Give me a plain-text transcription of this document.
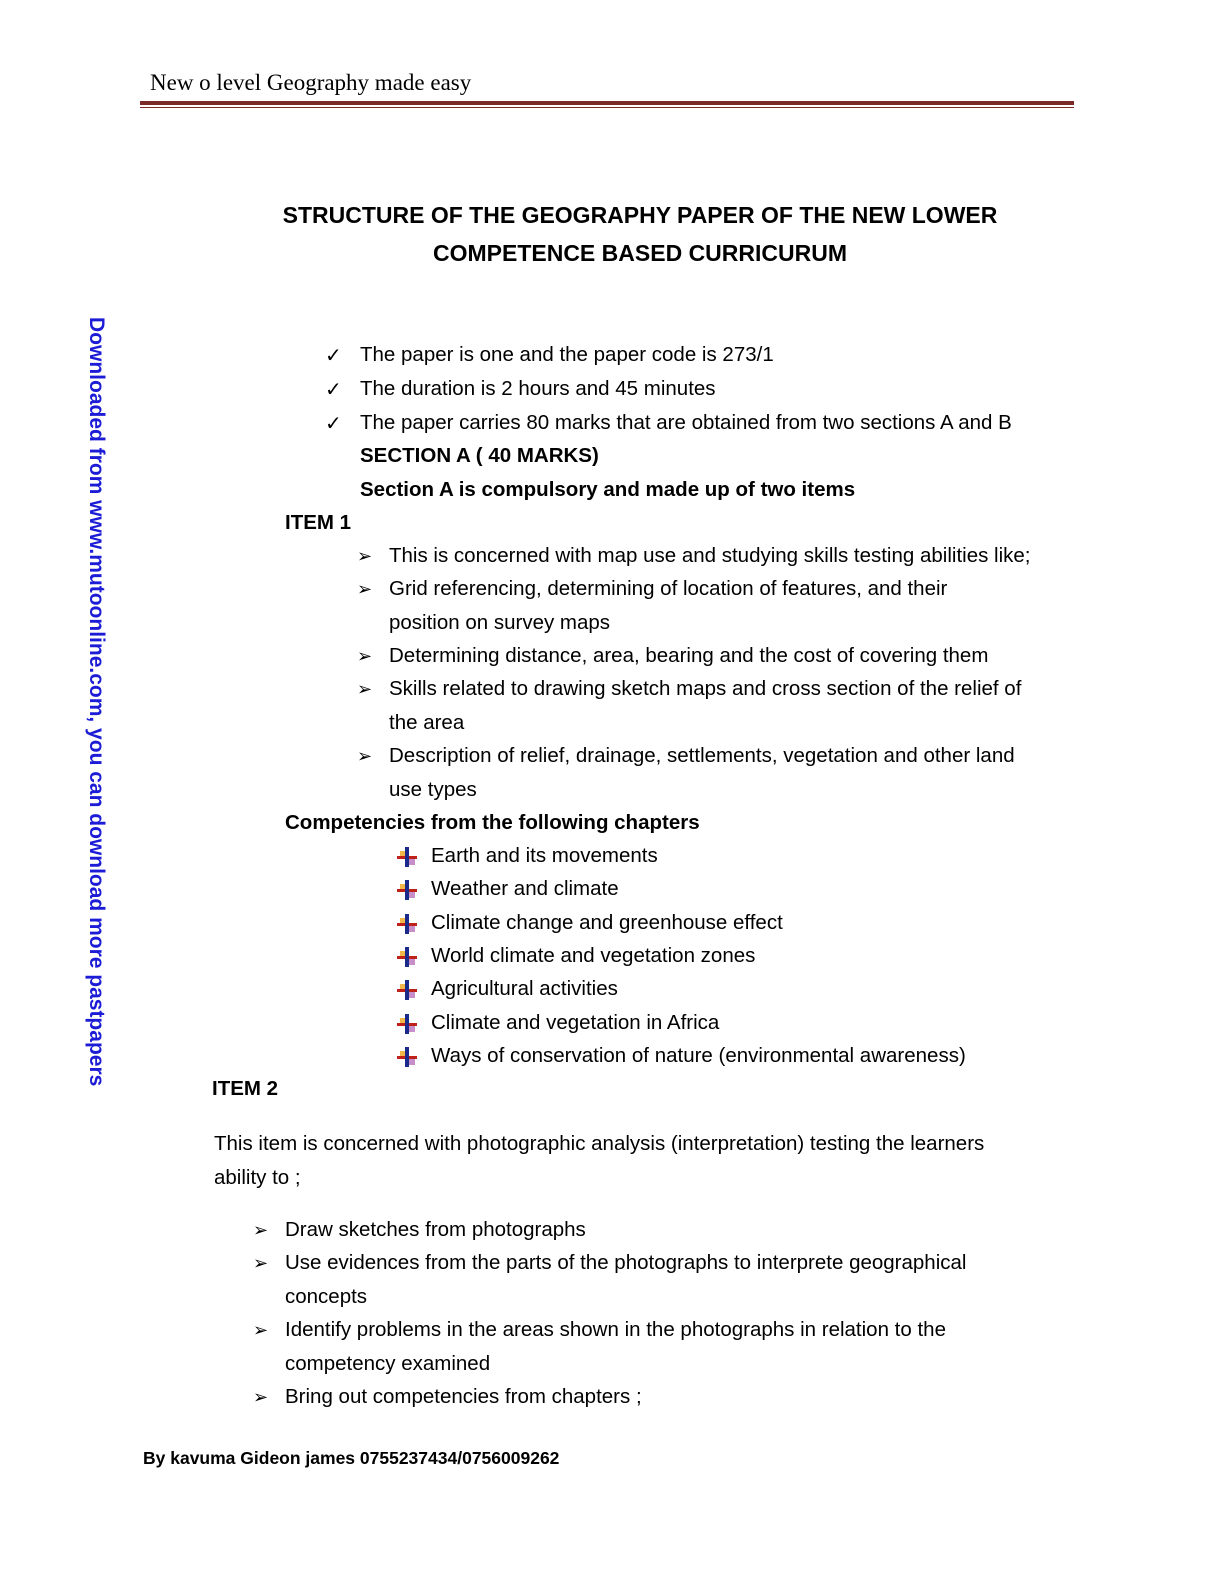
New o level Geography made easy
Downloaded from www.mutoonline.com, you can download more pastpapers
STRUCTURE OF THE GEOGRAPHY PAPER OF THE NEW LOWER
COMPETENCE BASED CURRICURUM
✓ The paper is one and the paper code is 273/1
✓ The duration is 2 hours and 45 minutes
✓ The paper carries 80 marks that are obtained from two sections A and B
SECTION A ( 40 MARKS)
Section A is compulsory and made up of two items
ITEM 1
➢ This is concerned with map use and studying skills testing abilities like;
➢ Grid referencing, determining of location of features, and their
position on survey maps
➢ Determining distance, area, bearing and the cost of covering them
➢ Skills related to drawing sketch maps and cross section of the relief of
the area
➢ Description of relief, drainage, settlements, vegetation and other land
use types
Competencies from the following chapters
Earth and its movements
Weather and climate
Climate change and greenhouse effect
World climate and vegetation zones
Agricultural activities
Climate and vegetation in Africa
Ways of conservation of nature (environmental awareness)
ITEM 2
This item is concerned with photographic analysis (interpretation) testing the learners
ability to ;
➢ Draw sketches from photographs
➢ Use evidences from the parts of the photographs to interprete geographical
concepts
➢ Identify problems in the areas shown in the photographs in relation to the
competency examined
➢ Bring out competencies from chapters ;
By kavuma Gideon james 0755237434/0756009262
